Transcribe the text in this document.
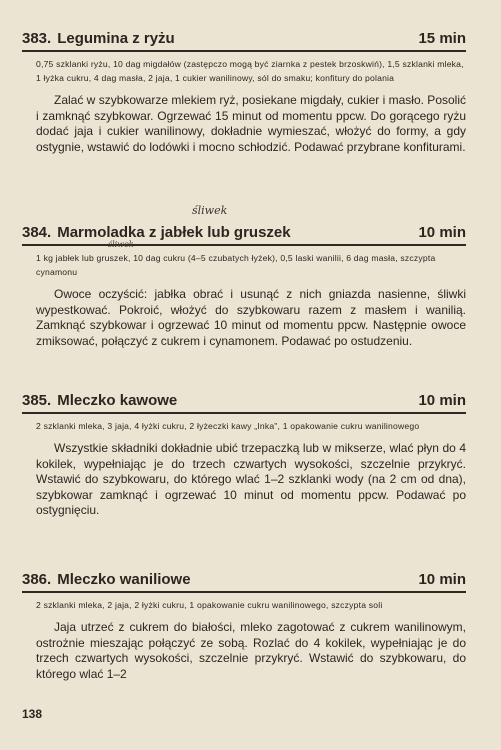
383. Legumina z ryżu	15 min
0,75 szklanki ryżu, 10 dag migdałów (zastępczo mogą być ziarnka z pestek brzoskwiń), 1,5 szklanki mleka, 1 łyżka cukru, 4 dag masła, 2 jaja, 1 cukier wanilinowy, sól do smaku; konfitury do polania

Zalać w szybkowarze mlekiem ryż, posiekane migdały, cukier i masło. Posolić i zamknąć szybkowar. Ogrzewać 15 minut od momentu ppcw. Do gorącego ryżu dodać jaja i cukier wanilinowy, dokładnie wymieszać, włożyć do formy, a gdy ostygnie, wstawić do lodówki i mocno schłodzić. Podawać przybrane konfiturami.

śliwek
śliwek
384. Marmoladka z jabłek lub gruszek	10 min
1 kg jabłek lub gruszek, 10 dag cukru (4–5 czubatych łyżek), 0,5 laski wanilii, 6 dag masła, szczypta cynamonu

Owoce oczyścić: jabłka obrać i usunąć z nich gniazda nasienne, śliwki wypestkować. Pokroić, włożyć do szybkowaru razem z masłem i wanilią. Zamknąć szybkowar i ogrzewać 10 minut od momentu ppcw. Następnie owoce zmiksować, połączyć z cukrem i cynamonem. Podawać po ostudzeniu.

385. Mleczko kawowe	10 min
2 szklanki mleka, 3 jaja, 4 łyżki cukru, 2 łyżeczki kawy „Inka", 1 opakowanie cukru wanilinowego

Wszystkie składniki dokładnie ubić trzepaczką lub w mikserze, wlać płyn do 4 kokilek, wypełniając je do trzech czwartych wysokości, szczelnie przykryć. Wstawić do szybkowaru, do którego wlać 1–2 szklanki wody (na 2 cm od dna), szybkowar zamknąć i ogrzewać 10 minut od momentu ppcw. Podawać po ostygnięciu.

386. Mleczko waniliowe	10 min
2 szklanki mleka, 2 jaja, 2 łyżki cukru, 1 opakowanie cukru wanilinowego, szczypta soli

Jaja utrzeć z cukrem do białości, mleko zagotować z cukrem wanilinowym, ostrożnie mieszając połączyć ze sobą. Rozlać do 4 kokilek, wypełniając je do trzech czwartych wysokości, szczelnie przykryć. Wstawić do szybkowaru, do którego wlać 1–2

138
